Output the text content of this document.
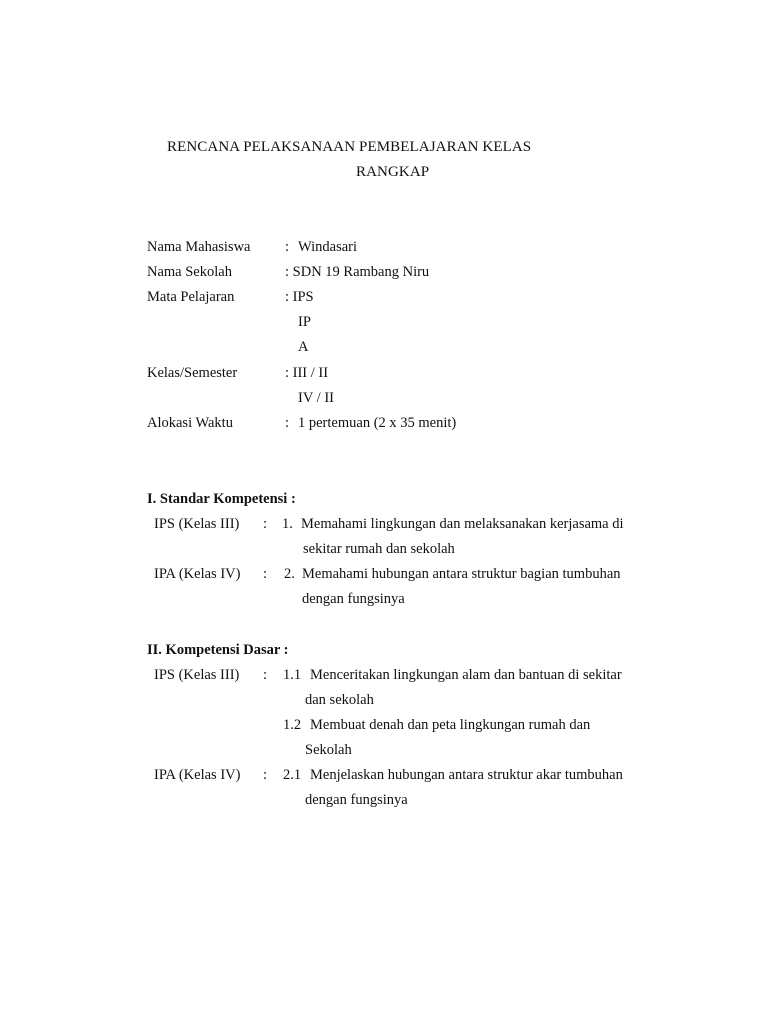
RENCANA PELAKSANAAN PEMBELAJARAN KELAS
RANGKAP
Nama Mahasiswa : Windasari
Nama Sekolah	: SDN 19 Rambang Niru
Mata Pelajaran	: IPS
IP
A
Kelas/Semester	: III / II
IV / II
Alokasi Waktu	: 1 pertemuan (2 x 35 menit)
I. Standar Kompetensi :
IPS (Kelas III) : 1. Memahami lingkungan dan melaksanakan kerjasama di
sekitar rumah dan sekolah
IPA (Kelas IV) : 2. Memahami hubungan antara struktur bagian tumbuhan
dengan fungsinya
II. Kompetensi Dasar :
IPS (Kelas III) : 1.1 Menceritakan lingkungan alam dan bantuan di sekitar
dan sekolah
1.2 Membuat denah dan peta lingkungan rumah dan
Sekolah
IPA (Kelas IV) : 2.1 Menjelaskan hubungan antara struktur akar tumbuhan
dengan fungsinya
